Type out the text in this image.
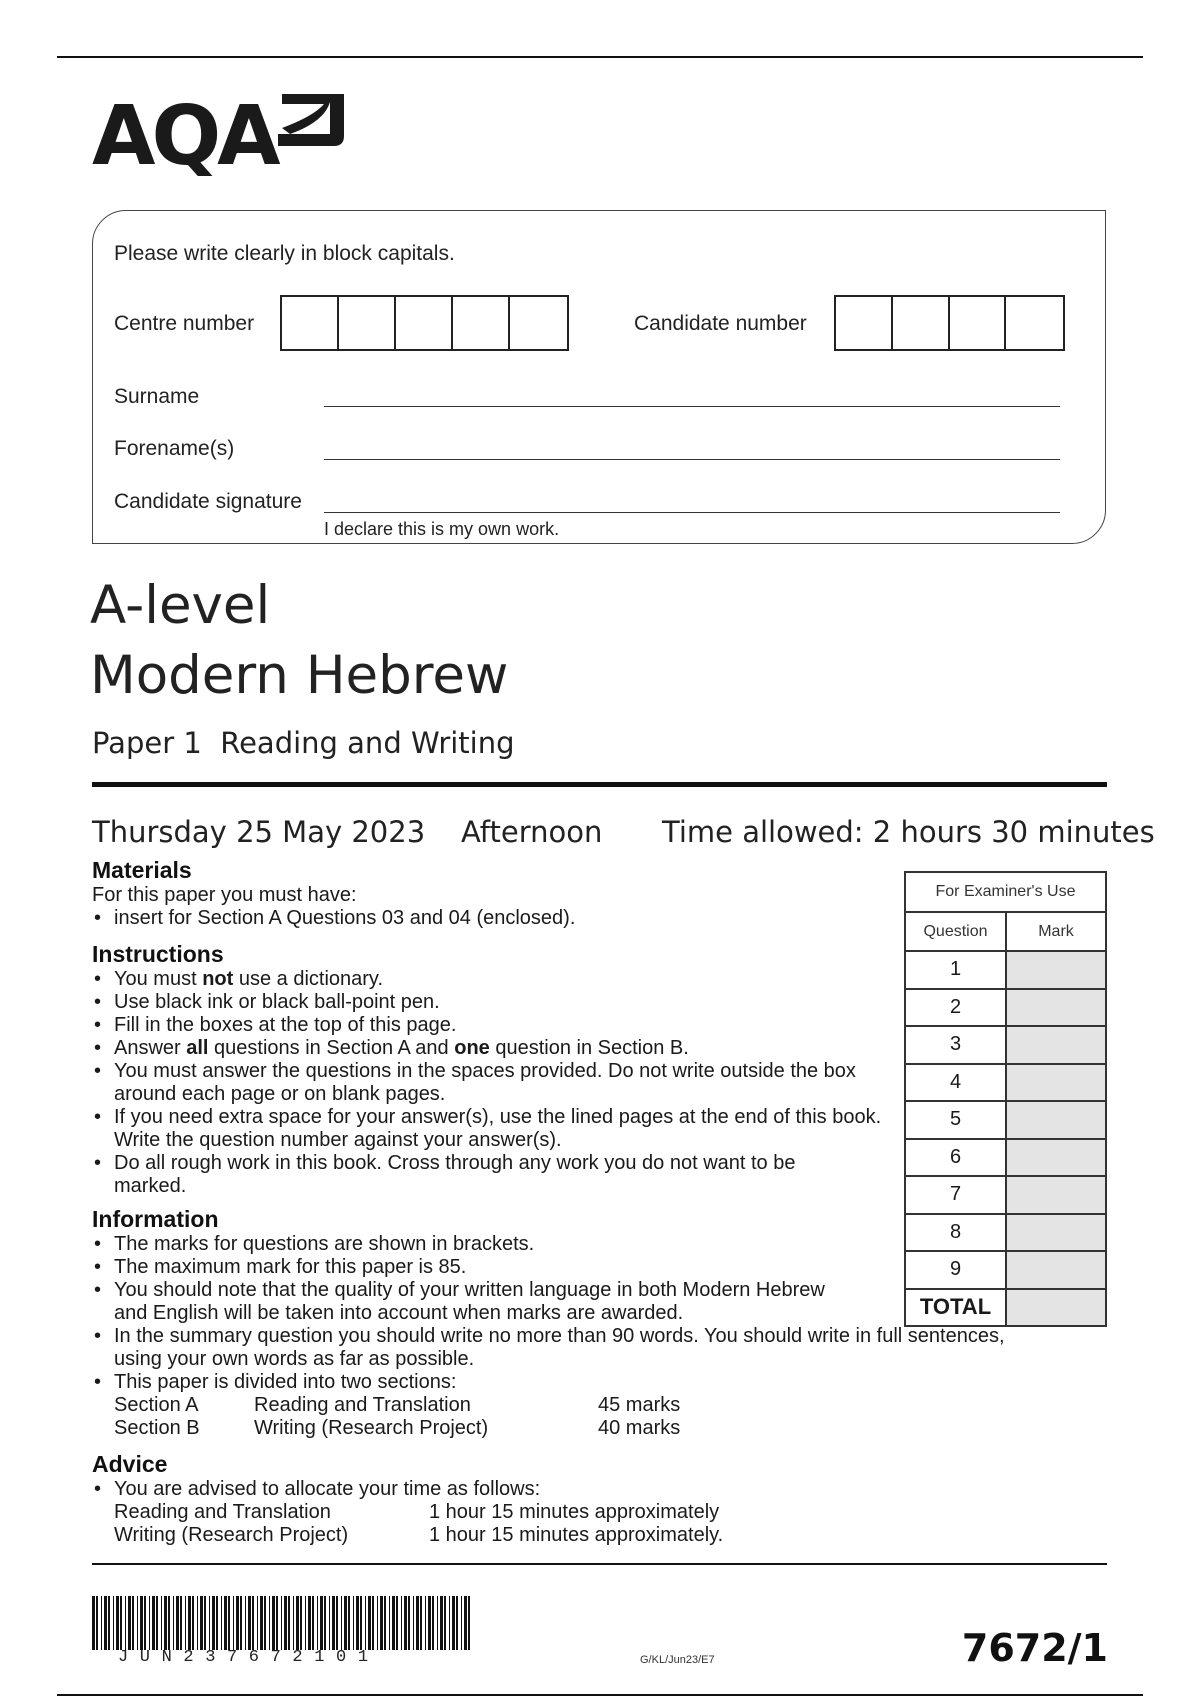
AQA
Please write clearly in block capitals.
Centre number	Candidate number
Surname
Forename(s)
Candidate signature
I declare this is my own work.
A-level
Modern Hebrew
Paper 1  Reading and Writing
Thursday 25 May 2023 Afternoon Time allowed: 2 hours 30 minutes
Materials
For this paper you must have:
• insert for Section A Questions 03 and 04 (enclosed).
Instructions
• You must not use a dictionary.
• Use black ink or black ball-point pen.
• Fill in the boxes at the top of this page.
• Answer all questions in Section A and one question in Section B.
• You must answer the questions in the spaces provided. Do not write outside the box around each page or on blank pages.
• If you need extra space for your answer(s), use the lined pages at the end of this book. Write the question number against your answer(s).
• Do all rough work in this book. Cross through any work you do not want to be marked.
Information
• The marks for questions are shown in brackets.
• The maximum mark for this paper is 85.
• You should note that the quality of your written language in both Modern Hebrew and English will be taken into account when marks are awarded.
• In the summary question you should write no more than 90 words. You should write in full sentences, using your own words as far as possible.
• This paper is divided into two sections:
Section A	Reading and Translation	45 marks
Section B	Writing (Research Project)	40 marks
Advice
• You are advised to allocate your time as follows:
Reading and Translation	1 hour 15 minutes approximately
Writing (Research Project)	1 hour 15 minutes approximately.
For Examiner's Use	
Question	Mark
1	
2	
3	
4	
5	
6	
7	
8	
9	
TOTAL	
JUN237672101	G/KL/Jun23/E7	7672/1
